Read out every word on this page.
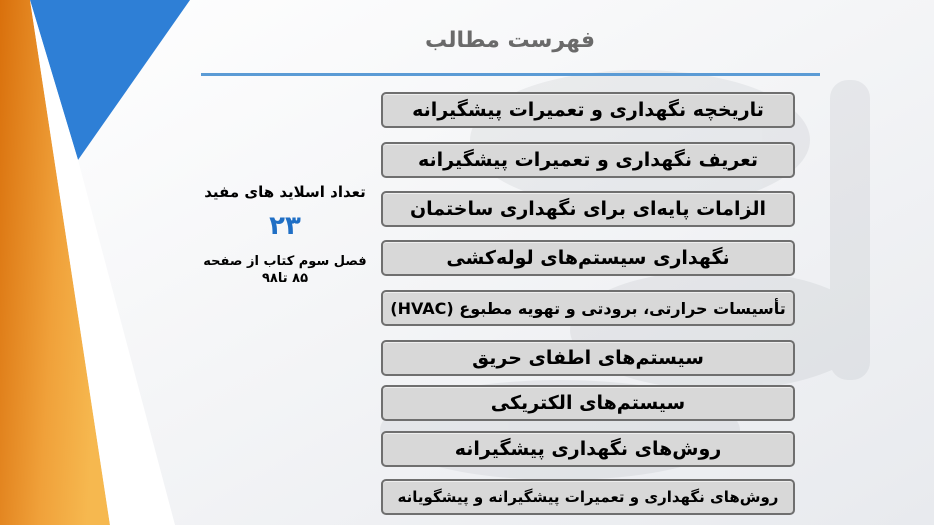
فهرست مطالب
تعداد اسلاید های مفید
۲۳
فصل سوم کتاب از صفحه
۸۵ تا۹۸
تاریخچه نگهداری و تعمیرات پیشگیرانه
تعریف نگهداری و تعمیرات پیشگیرانه
الزامات پایه‌ای برای نگهداری ساختمان
نگهداری سیستم‌های لوله‌کشی
تأسیسات حرارتی، برودتی و تهویه مطبوع (HVAC)
سیستم‌های اطفای حریق
سیستم‌های الکتریکی
روش‌های نگهداری پیشگیرانه
روش‌های نگهداری و تعمیرات پیشگیرانه و پیشگویانه
